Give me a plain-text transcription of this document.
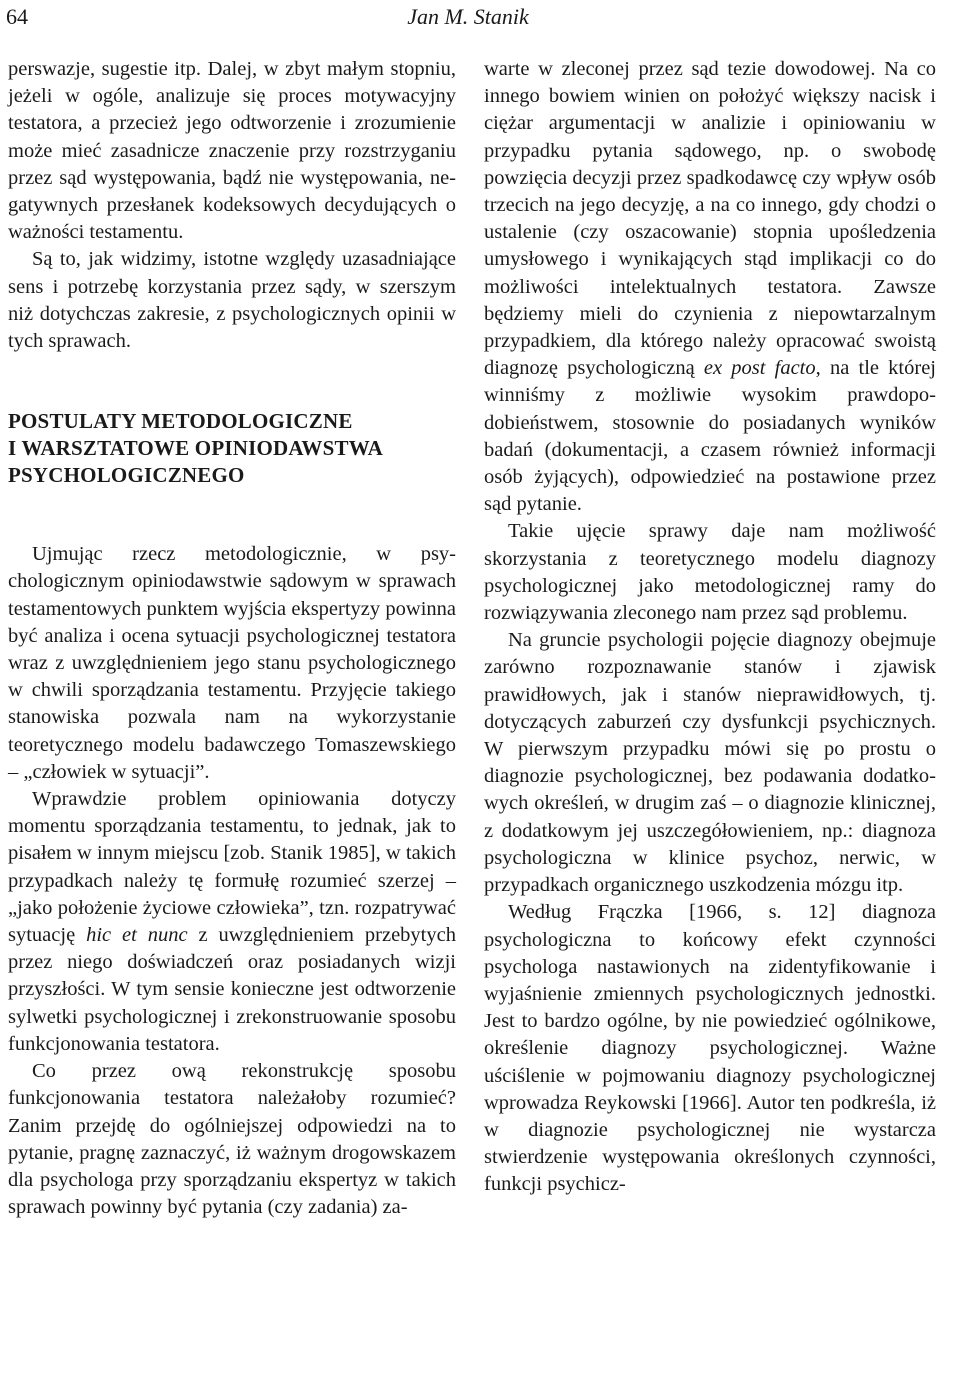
64	Jan M. Stanik

perswazje, sugestie itp. Dalej, w zbyt małym stopniu, jeżeli w ogóle, analizuje się proces motywacyjny testatora, a przecież jego odtworzenie i zrozumienie może mieć zasadnicze znaczenie przy rozstrzyganiu przez sąd występowania, bądź nie występowania, negatywnych przesłanek kodeksowych decydujących o ważności testamentu.

Są to, jak widzimy, istotne względy uzasadniające sens i potrzebę korzystania przez sądy, w szerszym niż dotychczas zakresie, z psychologicznych opinii w tych sprawach.

POSTULATY METODOLOGICZNE
I WARSZTATOWE OPINIODAWSTWA
PSYCHOLOGICZNEGO

Ujmując rzecz metodologicznie, w psychologicznym opiniodawstwie sądowym w sprawach testamentowych punktem wyjścia ekspertyzy powinna być analiza i ocena sytuacji psychologicznej testatora wraz z uwzględnieniem jego stanu psychologicznego w chwili sporządzania testamentu. Przyjęcie takiego stanowiska pozwala nam na wykorzystanie teoretycznego modelu badawczego Tomaszewskiego – „człowiek w sytuacji”.

Wprawdzie problem opiniowania dotyczy momentu sporządzania testamentu, to jednak, jak to pisałem w innym miejscu [zob. Stanik 1985], w takich przypadkach należy tę formułę rozumieć szerzej – „jako położenie życiowe człowieka”, tzn. rozpatrywać sytuację hic et nunc z uwzględnieniem przebytych przez niego doświadczeń oraz posiadanych wizji przyszłości. W tym sensie konieczne jest odtworzenie sylwetki psychologicznej i zrekonstruowanie sposobu funkcjonowania testatora.

Co przez ową rekonstrukcję sposobu funkcjonowania testatora należałoby rozumieć? Zanim przejdę do ogólniejszej odpowiedzi na to pytanie, pragnę zaznaczyć, iż ważnym drogowskazem dla psychologa przy sporządzaniu ekspertyz w takich sprawach powinny być pytania (czy zadania) za-

warte w zleconej przez sąd tezie dowodowej. Na co innego bowiem winien on położyć większy nacisk i ciężar argumentacji w analizie i opiniowaniu w przypadku pytania sądowego, np. o swobodę powzięcia decyzji przez spadkodawcę czy wpływ osób trzecich na jego decyzję, a na co innego, gdy chodzi o ustalenie (czy oszacowanie) stopnia upośledzenia umysłowego i wynikających stąd implikacji co do możliwości intelektualnych testatora. Zawsze będziemy mieli do czynienia z niepowtarzalnym przypadkiem, dla którego należy opracować swoistą diagnozę psychologiczną ex post facto, na tle której winniśmy z możliwie wysokim prawdopodobieństwem, stosownie do posiadanych wyników badań (dokumentacji, a czasem również informacji osób żyjących), odpowiedzieć na postawione przez sąd pytanie.

Takie ujęcie sprawy daje nam możliwość skorzystania z teoretycznego modelu diagnozy psychologicznej jako metodologicznej ramy do rozwiązywania zleconego nam przez sąd problemu.

Na gruncie psychologii pojęcie diagnozy obejmuje zarówno rozpoznawanie stanów i zjawisk prawidłowych, jak i stanów nieprawidłowych, tj. dotyczących zaburzeń czy dysfunkcji psychicznych. W pierwszym przypadku mówi się po prostu o diagnozie psychologicznej, bez podawania dodatkowych określeń, w drugim zaś – o diagnozie klinicznej, z dodatkowym jej uszczegółowieniem, np.: diagnoza psychologiczna w klinice psychoz, nerwic, w przypadkach organicznego uszkodzenia mózgu itp.

Według Frączka [1966, s. 12] diagnoza psychologiczna to końcowy efekt czynności psychologa nastawionych na zidentyfikowanie i wyjaśnienie zmiennych psychologicznych jednostki. Jest to bardzo ogólne, by nie powiedzieć ogólnikowe, określenie diagnozy psychologicznej. Ważne uściślenie w pojmowaniu diagnozy psychologicznej wprowadza Reykowski [1966]. Autor ten podkreśla, iż w diagnozie psychologicznej nie wystarcza stwierdzenie występowania określonych czynności, funkcji psychicz-
